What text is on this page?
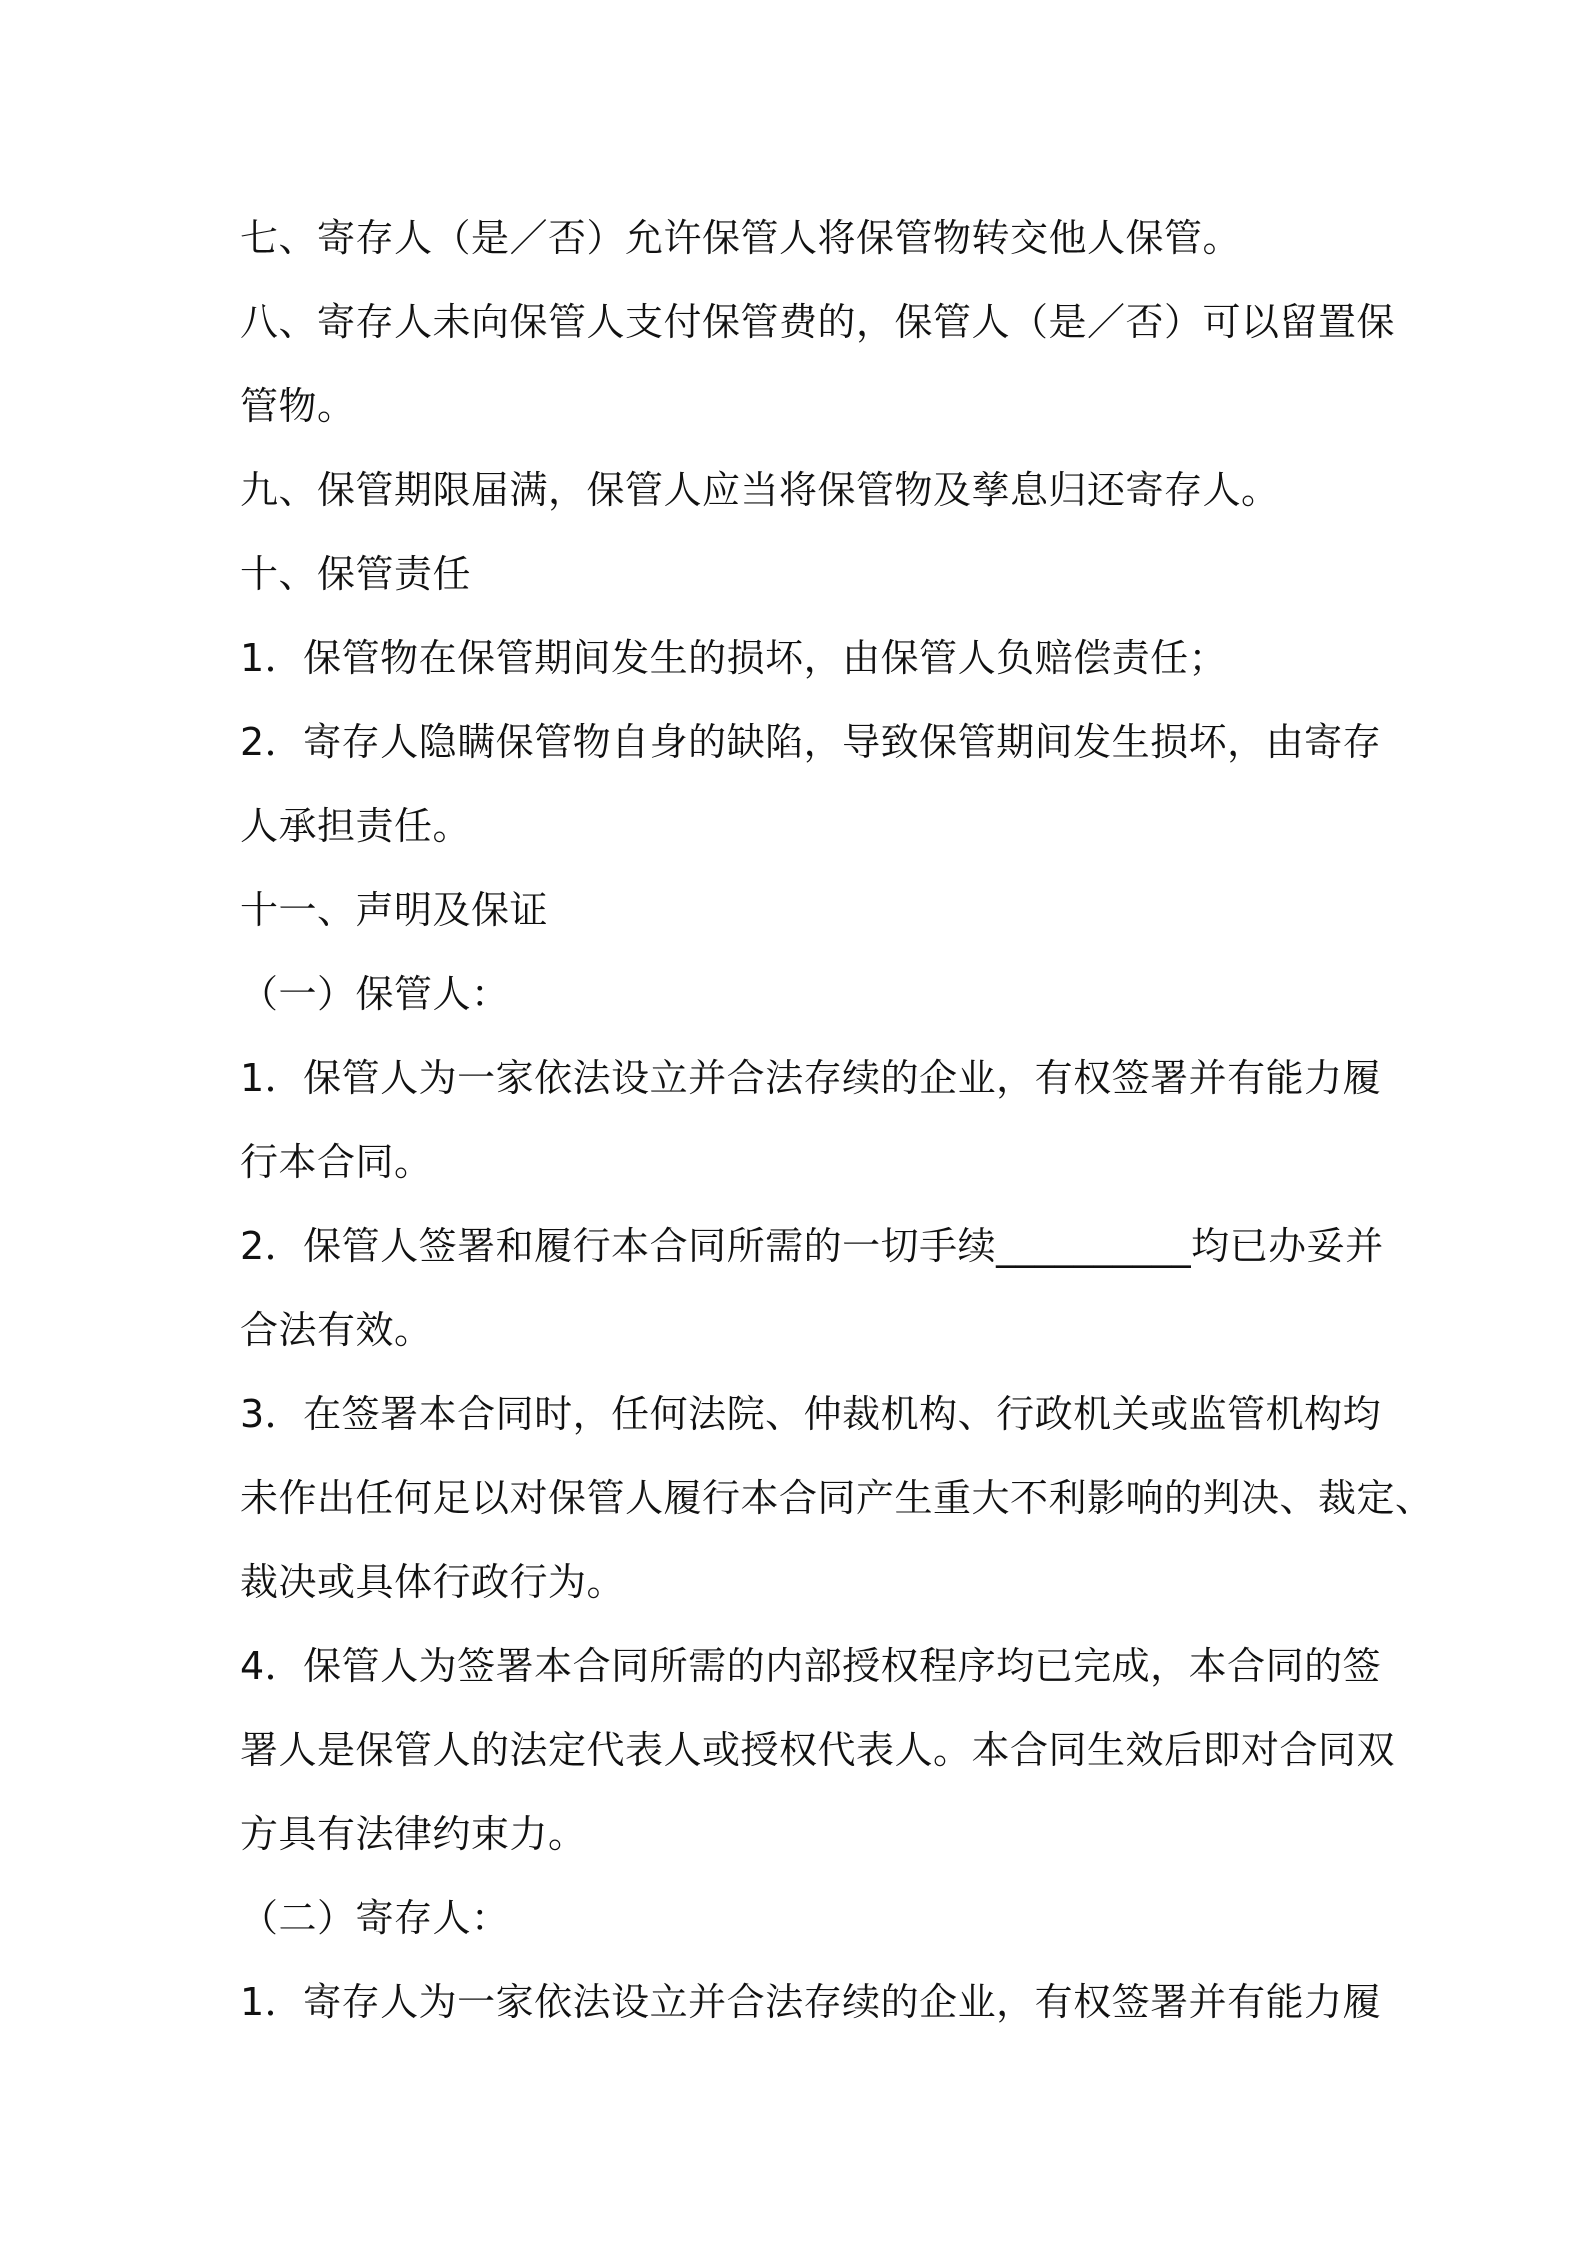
七、寄存人（是／否）允许保管人将保管物转交他人保管。
八、寄存人未向保管人支付保管费的，保管人（是／否）可以留置保
管物。
九、保管期限届满，保管人应当将保管物及孳息归还寄存人。
十、保管责任
1．保管物在保管期间发生的损坏，由保管人负赔偿责任；
2．寄存人隐瞒保管物自身的缺陷，导致保管期间发生损坏，由寄存
人承担责任。
十一、声明及保证
（一）保管人：
1．保管人为一家依法设立并合法存续的企业，有权签署并有能力履
行本合同。
2．保管人签署和履行本合同所需的一切手续__________均已办妥并
合法有效。
3．在签署本合同时，任何法院、仲裁机构、行政机关或监管机构均
未作出任何足以对保管人履行本合同产生重大不利影响的判决、裁定、
裁决或具体行政行为。
4．保管人为签署本合同所需的内部授权程序均已完成，本合同的签
署人是保管人的法定代表人或授权代表人。本合同生效后即对合同双
方具有法律约束力。
（二）寄存人：
1．寄存人为一家依法设立并合法存续的企业，有权签署并有能力履
